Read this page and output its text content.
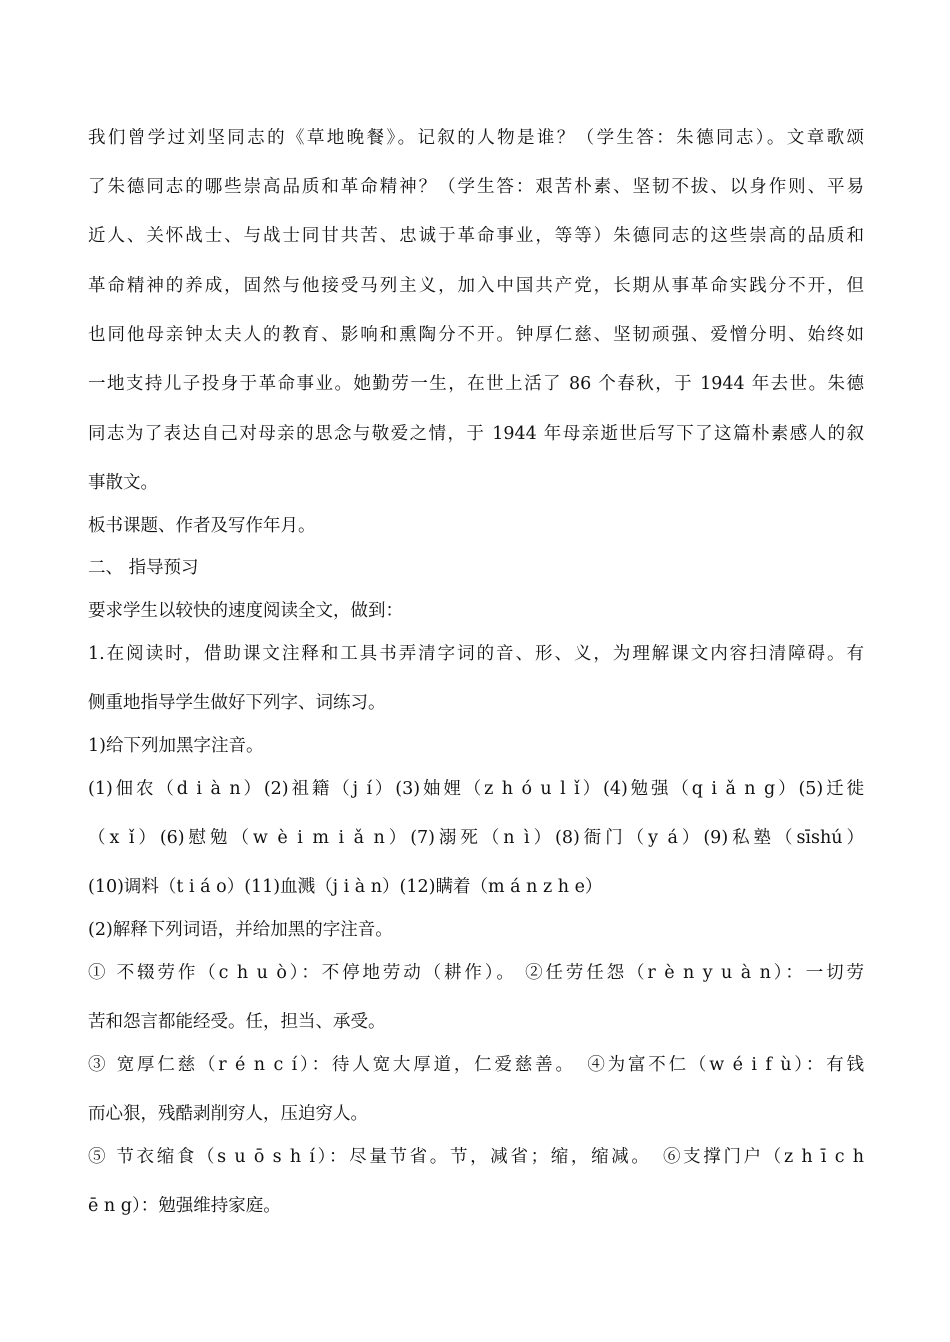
我们曾学过刘坚同志的《草地晚餐》。记叙的人物是谁？（学生答：朱德同志）。文章歌颂
了朱德同志的哪些崇高品质和革命精神？（学生答：艰苦朴素、坚韧不拔、以身作则、平易
近人、关怀战士、与战士同甘共苦、忠诚于革命事业，等等）朱德同志的这些崇高的品质和
革命精神的养成，固然与他接受马列主义，加入中国共产党，长期从事革命实践分不开，但
也同他母亲钟太夫人的教育、影响和熏陶分不开。钟厚仁慈、坚韧顽强、爱憎分明、始终如
一地支持儿子投身于革命事业。她勤劳一生，在世上活了 86 个春秋，于 1944 年去世。朱德
同志为了表达自己对母亲的思念与敬爱之情，于 1944 年母亲逝世后写下了这篇朴素感人的叙
事散文。
板书课题、作者及写作年月。
二、 指导预习
要求学生以较快的速度阅读全文，做到：
1.在阅读时，借助课文注释和工具书弄清字词的音、形、义，为理解课文内容扫清障碍。有
侧重地指导学生做好下列字、词练习。
1)给下列加黑字注音。
(1)佃农（d i à n）(2)祖籍（j í）(3)妯娌（z h ó u l ǐ）(4)勉强（q i ǎ n g）(5)迁徙
（x ǐ）(6)慰勉（w è i m i ǎ n）(7)溺死（n ì）(8)衙门（y á）(9)私塾（sīshú）
(10)调料（t i á o）(11)血溅（j i à n）(12)瞒着（m á n z h e）
(2)解释下列词语，并给加黑的字注音。
① 不辍劳作（c h u ò）：不停地劳动（耕作）。 ②任劳任怨（r è n y u à n）：一切劳
苦和怨言都能经受。任，担当、承受。
③ 宽厚仁慈（r é n c í）：待人宽大厚道，仁爱慈善。　④为富不仁（w é i f ù）：有钱
而心狠，残酷剥削穷人，压迫穷人。
⑤ 节衣缩食（s u ō s h í）：尽量节省。节，减省；缩，缩减。　⑥支撑门户（z h ī c h
ē n g）：勉强维持家庭。
